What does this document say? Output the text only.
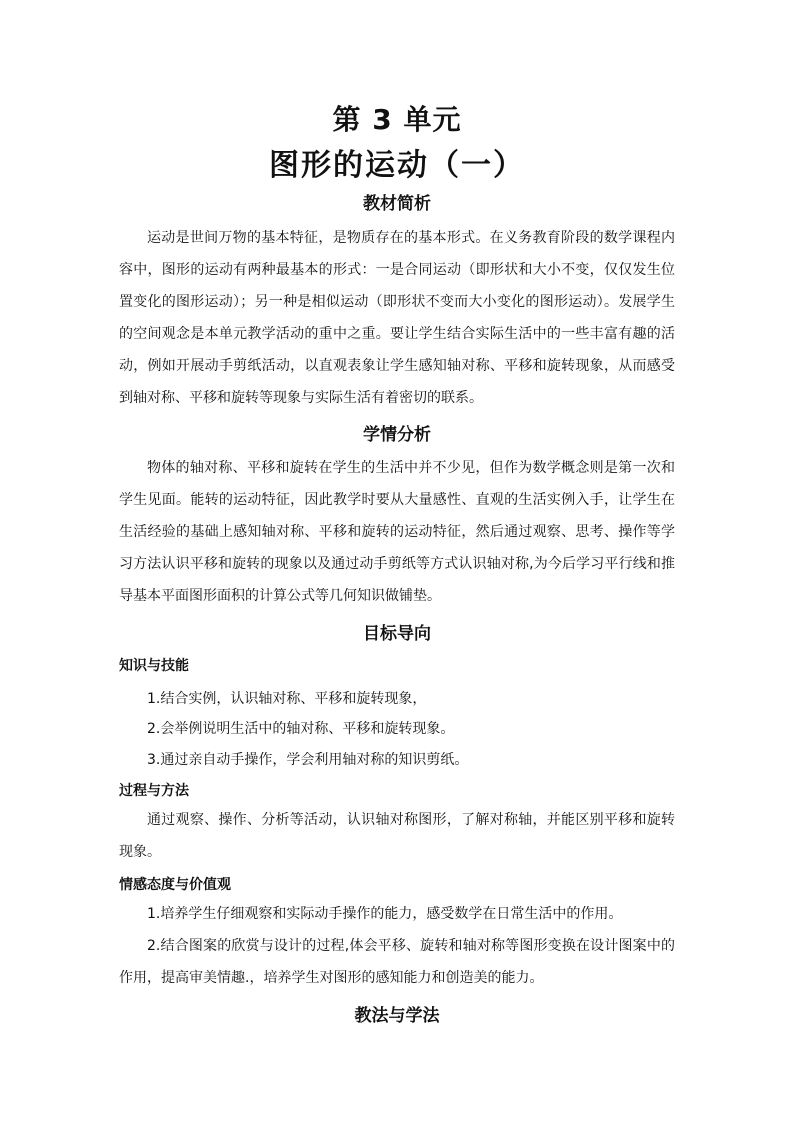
第 3 单元
图形的运动（一）
教材简析

运动是世间万物的基本特征，是物质存在的基本形式。在义务教育阶段的数学课程内容中，图形的运动有两种最基本的形式：一是合同运动（即形状和大小不变，仅仅发生位置变化的图形运动）；另一种是相似运动（即形状不变而大小变化的图形运动）。发展学生的空间观念是本单元教学活动的重中之重。要让学生结合实际生活中的一些丰富有趣的活动，例如开展动手剪纸活动，以直观表象让学生感知轴对称、平移和旋转现象，从而感受到轴对称、平移和旋转等现象与实际生活有着密切的联系。

学情分析

物体的轴对称、平移和旋转在学生的生活中并不少见，但作为数学概念则是第一次和学生见面。能转的运动特征，因此教学时要从大量感性、直观的生活实例入手，让学生在生活经验的基础上感知轴对称、平移和旋转的运动特征，然后通过观察、思考、操作等学习方法认识平移和旋转的现象以及通过动手剪纸等方式认识轴对称,为今后学习平行线和推导基本平面图形面积的计算公式等几何知识做铺垫。

目标导向

知识与技能

1.结合实例，认识轴对称、平移和旋转现象，

2.会举例说明生活中的轴对称、平移和旋转现象。

3.通过亲自动手操作，学会利用轴对称的知识剪纸。

过程与方法

通过观察、操作、分析等活动，认识轴对称图形，了解对称轴，并能区别平移和旋转现象。

情感态度与价值观

1.培养学生仔细观察和实际动手操作的能力，感受数学在日常生活中的作用。

2.结合图案的欣赏与设计的过程,体会平移、旋转和轴对称等图形变换在设计图案中的作用，提高审美情趣.，培养学生对图形的感知能力和创造美的能力。

教法与学法
